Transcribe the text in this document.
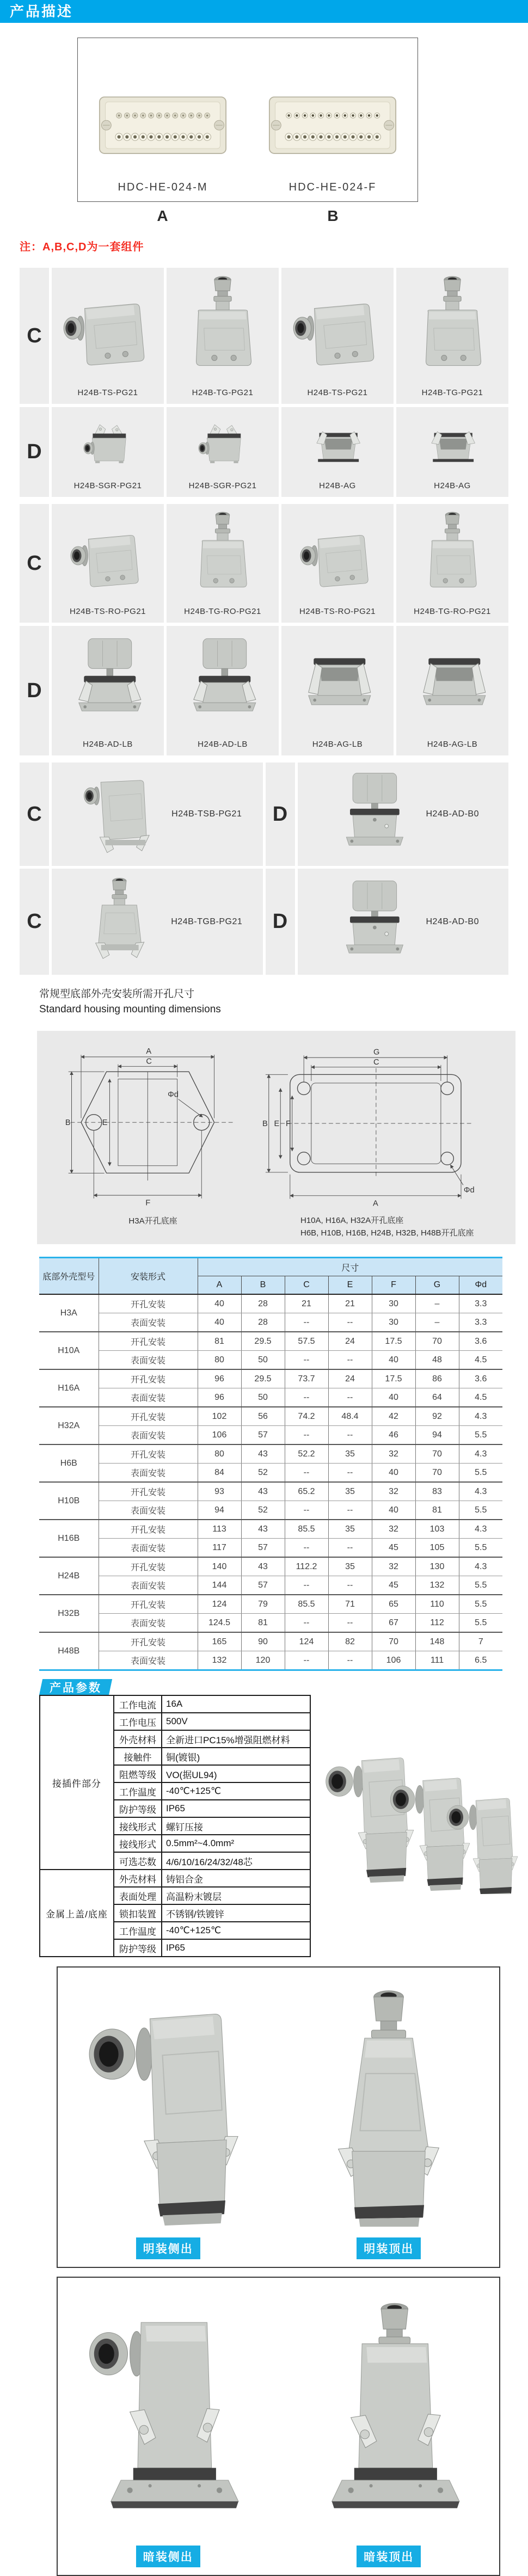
产品描述
HDC-HE-024-M	HDC-HE-024-F
A	B
注：A,B,C,D为一套组件
C
H24B-TS-PG21	H24B-TG-PG21	H24B-TS-PG21	H24B-TG-PG21
D
H24B-SGR-PG21	H24B-SGR-PG21	H24B-AG	H24B-AG
C
H24B-TS-RO-PG21	H24B-TG-RO-PG21	H24B-TS-RO-PG21	H24B-TG-RO-PG21
D
H24B-AD-LB	H24B-AD-LB	H24B-AG-LB	H24B-AG-LB
C	H24B-TSB-PG21	D	H24B-AD-B0
C	H24B-TGB-PG21	D	H24B-AD-B0
常规型底部外壳安装所需开孔尺寸
Standard housing mounting dimensions
A
C
B	E
F
Φd
H3A开孔底座
G
C
B E F
A
Φd
H10A, H16A, H32A开孔底座
H6B, H10B, H16B, H24B, H32B, H48B开孔底座
底部外壳型号	安装形式	尺寸						
		A	B	C	E	F	G	Φd
H3A	开孔安装	40	28	21	21	30	–	3.3
	表面安装	40	28	--	--	30	–	3.3
H10A	开孔安装	81	29.5	57.5	24	17.5	70	3.6
	表面安装	80	50	--	--	40	48	4.5
H16A	开孔安装	96	29.5	73.7	24	17.5	86	3.6
	表面安装	96	50	--	--	40	64	4.5
H32A	开孔安装	102	56	74.2	48.4	42	92	4.3
	表面安装	106	57	--	--	46	94	5.5
H6B	开孔安装	80	43	52.2	35	32	70	4.3
	表面安装	84	52	--	--	40	70	5.5
H10B	开孔安装	93	43	65.2	35	32	83	4.3
	表面安装	94	52	--	--	40	81	5.5
H16B	开孔安装	113	43	85.5	35	32	103	4.3
	表面安装	117	57	--	--	45	105	5.5
H24B	开孔安装	140	43	112.2	35	32	130	4.3
	表面安装	144	57	--	--	45	132	5.5
H32B	开孔安装	124	79	85.5	71	65	110	5.5
	表面安装	124.5	81	--	--	67	112	5.5
H48B	开孔安装	165	90	124	82	70	148	7
	表面安装	132	120	--	--	106	111	6.5
产品参数
接插件部分	工作电流	16A
	工作电压	500V
	外壳材料	全新进口PC15%增强阻燃材料
	接触件	铜(镀银)
	阻燃等级	VO(据UL94)
	工作温度	-40℃+125℃
	防护等级	IP65
	接线形式	螺钉压接
	接线形式	0.5mm²~4.0mm²
	可选芯数	4/6/10/16/24/32/48芯
金属上盖/底座	外壳材料	铸铝合金
	表面处理	高温粉末镀层
	锁扣装置	不锈钢/铁镀锌
	工作温度	-40℃+125℃
	防护等级	IP65
明装侧出	明装顶出
暗装侧出	暗装顶出
